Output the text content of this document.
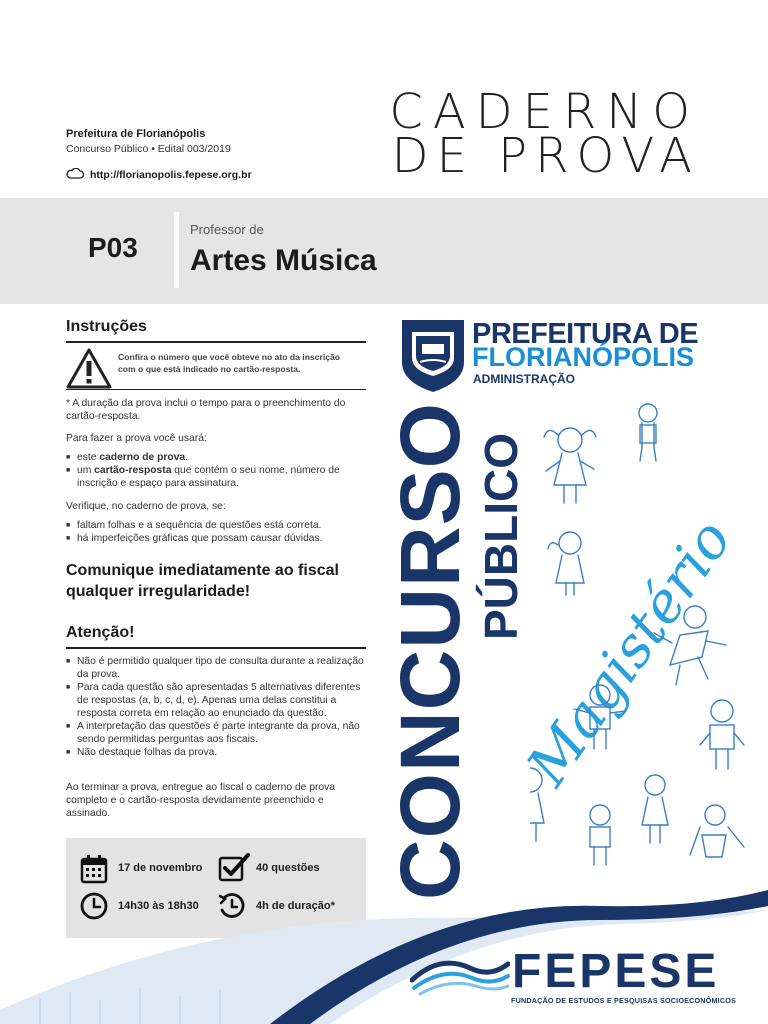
Prefeitura de Florianópolis
Concurso Público • Edital 003/2019
http://florianopolis.fepese.org.br
CADERNO
DE PROVA
P03
Professor de
Artes Música
Instruções
Confira o número que você obteve no ato da inscrição com o que está indicado no cartão-resposta.
* A duração da prova inclui o tempo para o preenchimento do cartão-resposta.
Para fazer a prova você usará:
■ este caderno de prova.
■ um cartão-resposta que contém o seu nome, número de inscrição e espaço para assinatura.
Verifique, no caderno de prova, se:
■ faltam folhas e a sequência de questões está correta.
■ há imperfeições gráficas que possam causar dúvidas.
Comunique imediatamente ao fiscal qualquer irregularidade!
Atenção!
■ Não é permitido qualquer tipo de consulta durante a realização da prova.
■ Para cada questão são apresentadas 5 alternativas diferentes de respostas (a, b, c, d, e). Apenas uma delas constitui a resposta correta em relação ao enunciado da questão.
■ A interpretação das questões é parte integrante da prova, não sendo permitidas perguntas aos fiscais.
■ Não destaque folhas da prova.
Ao terminar a prova, entregue ao fiscal o caderno de prova completo e o cartão-resposta devidamente preenchido e assinado.
17 de novembro	40 questões
14h30 às 18h30	4h de duração*
PREFEITURA DE
FLORIANÓPOLIS
ADMINISTRAÇÃO
CONCURSO
PÚBLICO
Magistério
FEPESE
FUNDAÇÃO DE ESTUDOS E PESQUISAS SOCIOECONÔMICOS
